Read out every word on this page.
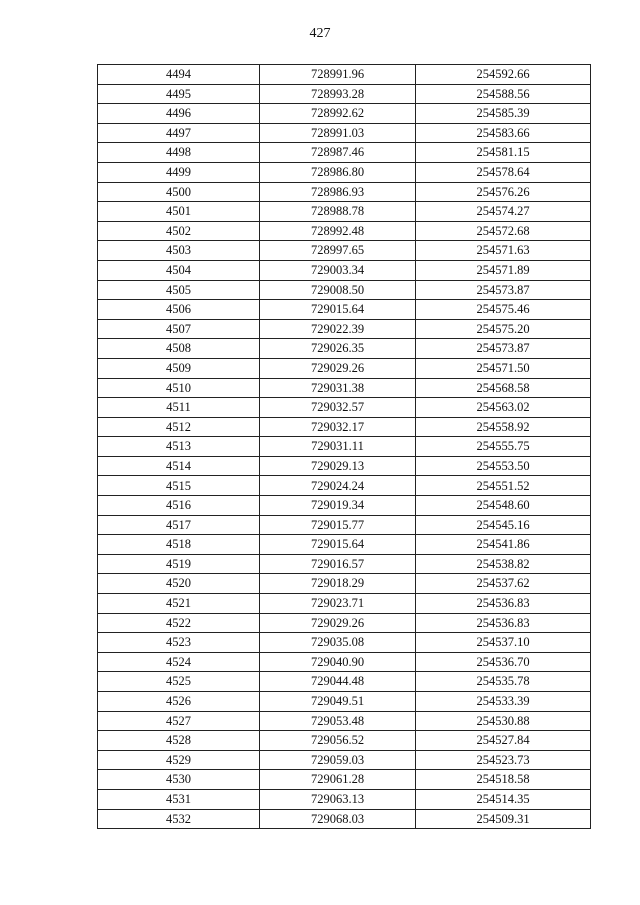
427
4494	728991.96	254592.66
4495	728993.28	254588.56
4496	728992.62	254585.39
4497	728991.03	254583.66
4498	728987.46	254581.15
4499	728986.80	254578.64
4500	728986.93	254576.26
4501	728988.78	254574.27
4502	728992.48	254572.68
4503	728997.65	254571.63
4504	729003.34	254571.89
4505	729008.50	254573.87
4506	729015.64	254575.46
4507	729022.39	254575.20
4508	729026.35	254573.87
4509	729029.26	254571.50
4510	729031.38	254568.58
4511	729032.57	254563.02
4512	729032.17	254558.92
4513	729031.11	254555.75
4514	729029.13	254553.50
4515	729024.24	254551.52
4516	729019.34	254548.60
4517	729015.77	254545.16
4518	729015.64	254541.86
4519	729016.57	254538.82
4520	729018.29	254537.62
4521	729023.71	254536.83
4522	729029.26	254536.83
4523	729035.08	254537.10
4524	729040.90	254536.70
4525	729044.48	254535.78
4526	729049.51	254533.39
4527	729053.48	254530.88
4528	729056.52	254527.84
4529	729059.03	254523.73
4530	729061.28	254518.58
4531	729063.13	254514.35
4532	729068.03	254509.31
